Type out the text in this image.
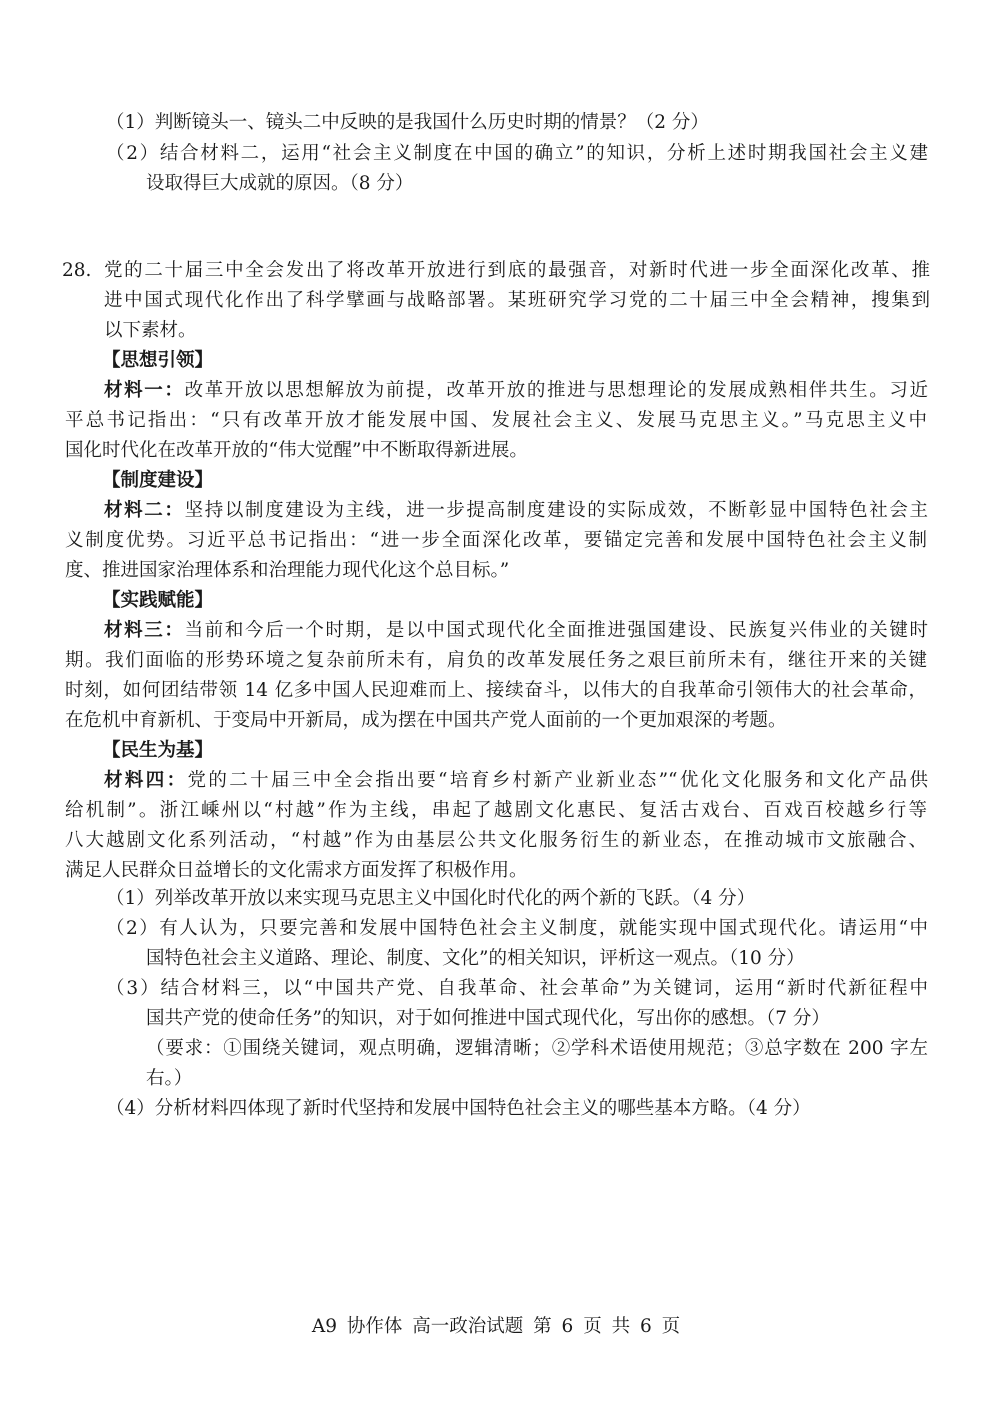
（1）判断镜头一、镜头二中反映的是我国什么历史时期的情景？（2 分）
（2）结合材料二，运用“社会主义制度在中国的确立”的知识，分析上述时期我国社会主义建
设取得巨大成就的原因。（8 分）
28. 党的二十届三中全会发出了将改革开放进行到底的最强音，对新时代进一步全面深化改革、推
进中国式现代化作出了科学擘画与战略部署。某班研究学习党的二十届三中全会精神，搜集到
以下素材。
【思想引领】
材料一：改革开放以思想解放为前提，改革开放的推进与思想理论的发展成熟相伴共生。习近
平总书记指出：“只有改革开放才能发展中国、发展社会主义、发展马克思主义。”马克思主义中
国化时代化在改革开放的“伟大觉醒”中不断取得新进展。
【制度建设】
材料二：坚持以制度建设为主线，进一步提高制度建设的实际成效，不断彰显中国特色社会主
义制度优势。习近平总书记指出：“进一步全面深化改革，要锚定完善和发展中国特色社会主义制
度、推进国家治理体系和治理能力现代化这个总目标。”
【实践赋能】
材料三：当前和今后一个时期，是以中国式现代化全面推进强国建设、民族复兴伟业的关键时
期。我们面临的形势环境之复杂前所未有，肩负的改革发展任务之艰巨前所未有，继往开来的关键
时刻，如何团结带领 14 亿多中国人民迎难而上、接续奋斗，以伟大的自我革命引领伟大的社会革命，
在危机中育新机、于变局中开新局，成为摆在中国共产党人面前的一个更加艰深的考题。
【民生为基】
材料四：党的二十届三中全会指出要“培育乡村新产业新业态”“优化文化服务和文化产品供
给机制”。浙江嵊州以“村越”作为主线，串起了越剧文化惠民、复活古戏台、百戏百校越乡行等
八大越剧文化系列活动，“村越”作为由基层公共文化服务衍生的新业态，在推动城市文旅融合、
满足人民群众日益增长的文化需求方面发挥了积极作用。
（1）列举改革开放以来实现马克思主义中国化时代化的两个新的飞跃。（4 分）
（2）有人认为，只要完善和发展中国特色社会主义制度，就能实现中国式现代化。请运用“中
国特色社会主义道路、理论、制度、文化”的相关知识，评析这一观点。（10 分）
（3）结合材料三，以“中国共产党、自我革命、社会革命”为关键词，运用“新时代新征程中
国共产党的使命任务”的知识，对于如何推进中国式现代化，写出你的感想。（7 分）
（要求：①围绕关键词，观点明确，逻辑清晰；②学科术语使用规范；③总字数在 200 字左
右。）
（4）分析材料四体现了新时代坚持和发展中国特色社会主义的哪些基本方略。（4 分）
A9 协作体 高一政治试题 第 6 页 共 6 页
